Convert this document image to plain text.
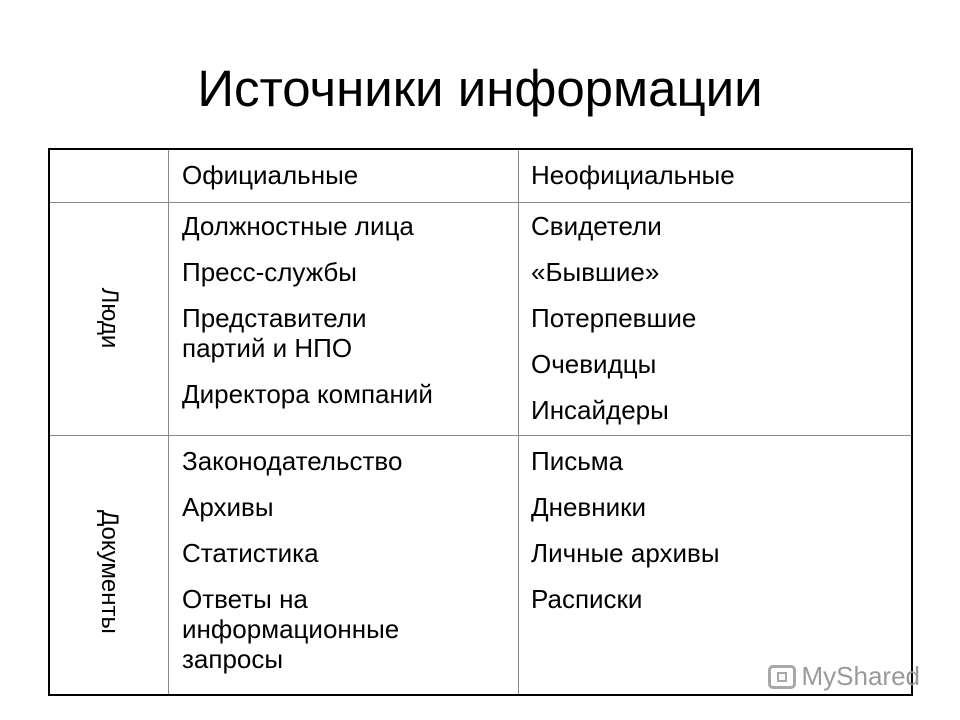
Источники информации
Официальные	Неофициальные
Люди
Должностные лица
Пресс-службы
Представители партий и НПО
Директора компаний
Свидетели
«Бывшие»
Потерпевшие
Очевидцы
Инсайдеры
Документы
Законодательство
Архивы
Статистика
Ответы на информационные запросы
Письма
Дневники
Личные архивы
Расписки
MyShared
